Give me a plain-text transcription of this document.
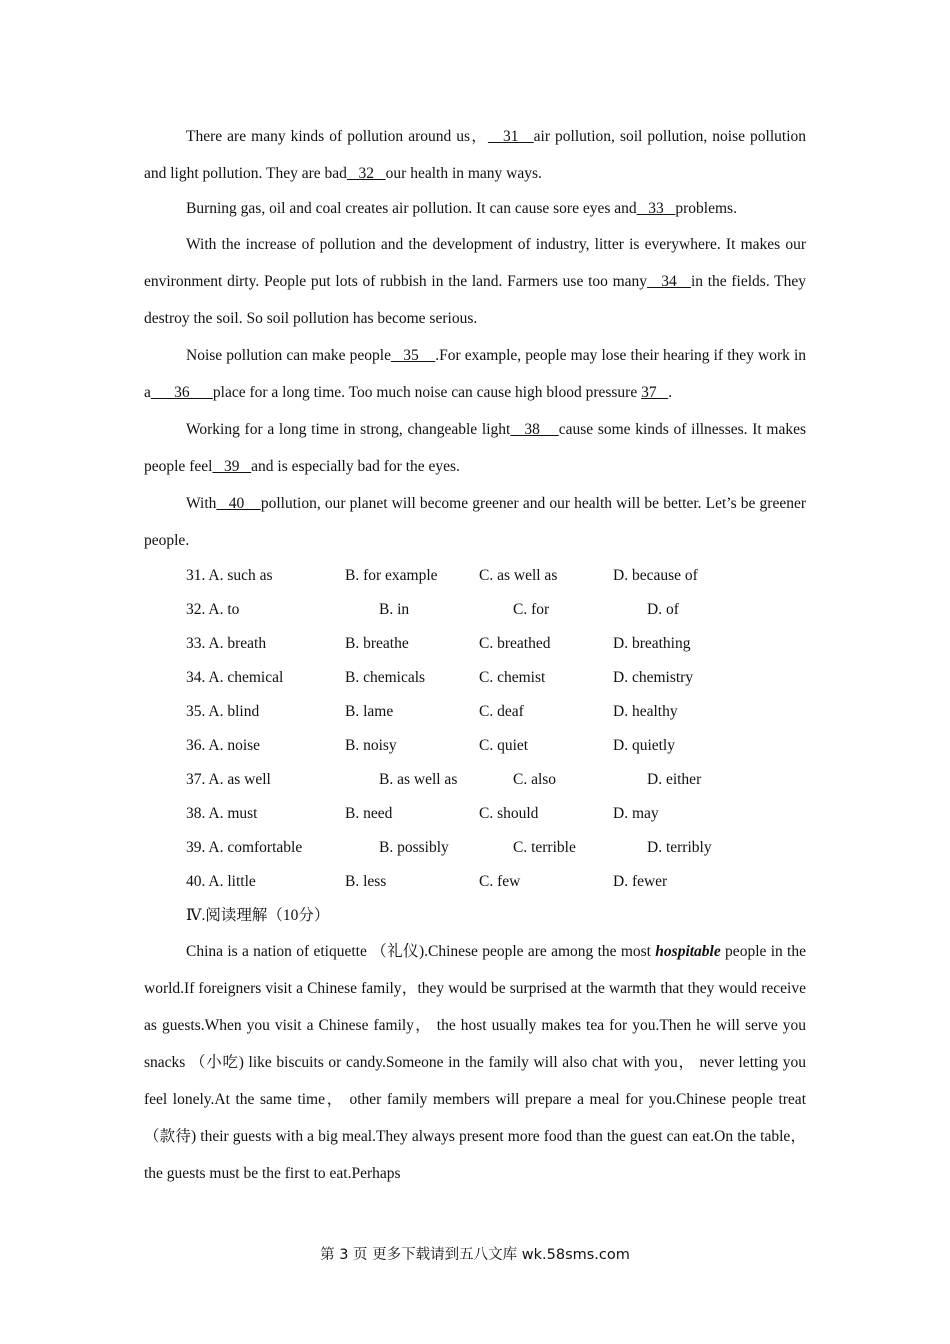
There are many kinds of pollution around us，   31   air pollution, soil pollution, noise pollution and light pollution. They are bad   32   our health in many ways.

Burning gas, oil and coal creates air pollution. It can cause sore eyes and   33   problems.

With the increase of pollution and the development of industry, litter is everywhere. It makes our environment dirty. People put lots of rubbish in the land. Farmers use too many   34   in the fields. They destroy the soil. So soil pollution has become serious.

Noise pollution can make people   35    .For example, people may lose their hearing if they work in a      36      place for a long time. Too much noise can cause high blood pressure 37   .

Working for a long time in strong, changeable light   38    cause some kinds of illnesses. It makes people feel   39   and is especially bad for the eyes.

With   40    pollution, our planet will become greener and our health will be better. Let’s be greener people.

31. A. such as	B. for example	C. as well as	D. because of
32. A. to	B. in	C. for	D. of
33. A. breath	B. breathe	C. breathed	D. breathing
34. A. chemical	B. chemicals	C. chemist	D. chemistry
35. A. blind	B. lame	C. deaf	D. healthy
36. A. noise	B. noisy	C. quiet	D. quietly
37. A. as well	B. as well as	C. also	D. either
38. A. must	B. need	C. should	D. may
39. A. comfortable	B. possibly	C. terrible	D. terribly
40. A. little	B. less	C. few	D. fewer
Ⅳ.阅读理解（10分）

China is a nation of etiquette （礼仪).Chinese people are among the most hospitable people in the world.If foreigners visit a Chinese family，they would be surprised at the warmth that they would receive as guests.When you visit a Chinese family， the host usually makes tea for you.Then he will serve you snacks （小吃) like biscuits or candy.Someone in the family will also chat with you， never letting you feel lonely.At the same time， other family members will prepare a meal for you.Chinese people treat （款待) their guests with a big meal.They always present more food than the guest can eat.On the table，the guests must be the first to eat.Perhaps

第 3 页 更多下载请到五八文库 wk.58sms.com
